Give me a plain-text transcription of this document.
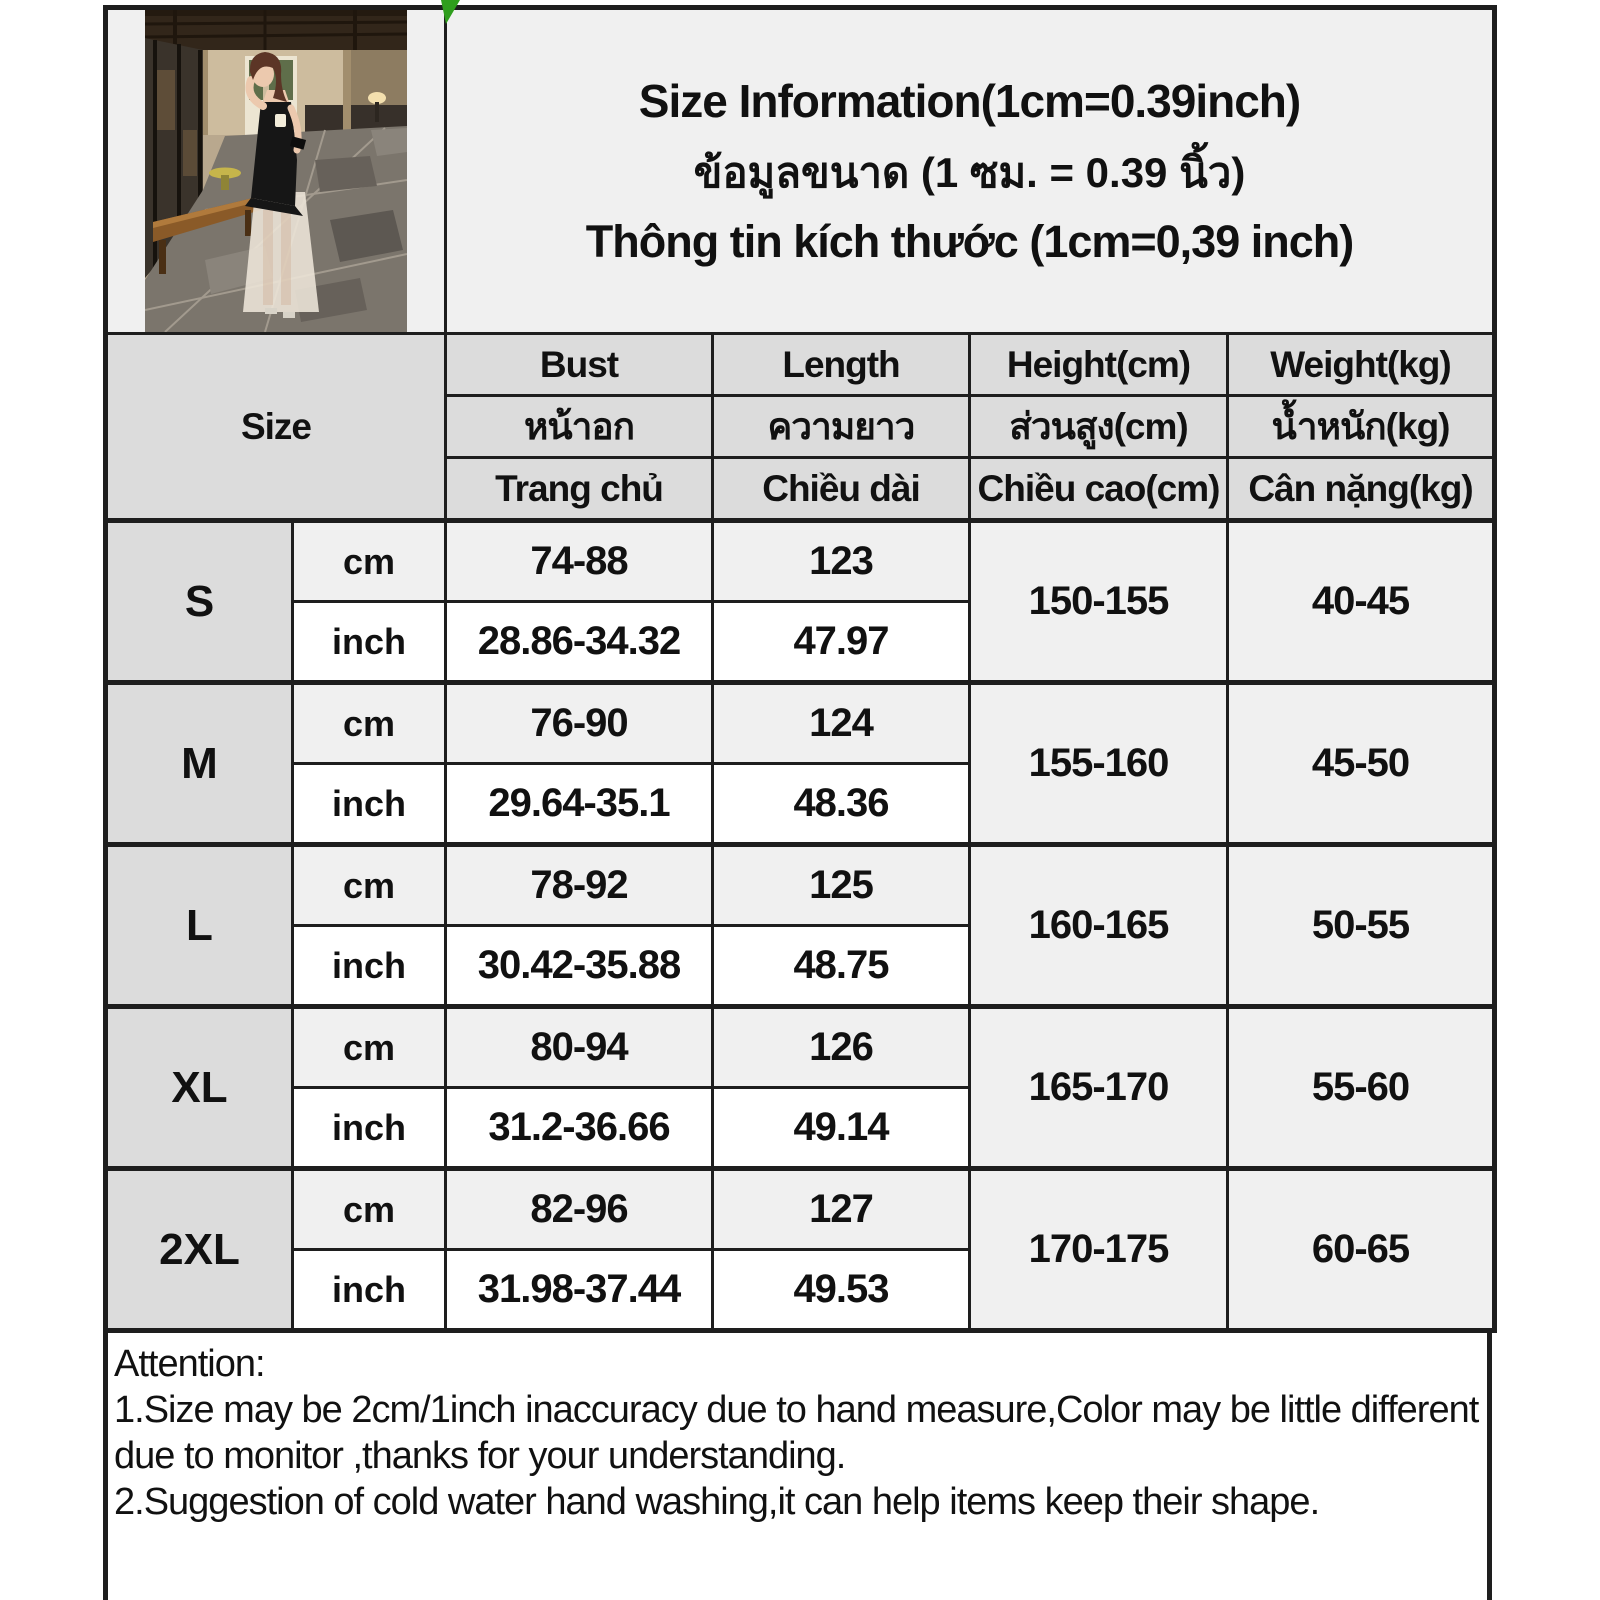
Size Information(1cm=0.39inch)
ข้อมูลขนาด (1 ซม. = 0.39 นิ้ว)
Thông tin kích thước (1cm=0,39 inch)			

Size		Bust	Length	Height(cm)	Weight(kg)
		หน้าอก	ความยาว	ส่วนสูง(cm)	น้ำหนัก(kg)
		Trang chủ	Chiều dài	Chiều cao(cm)	Cân nặng(kg)
S	cm	74-88	123	150-155	40-45
	inch	28.86-34.32	47.97		
M	cm	76-90	124	155-160	45-50
	inch	29.64-35.1	48.36		
L	cm	78-92	125	160-165	50-55
	inch	30.42-35.88	48.75		
XL	cm	80-94	126	165-170	55-60
	inch	31.2-36.66	49.14		
2XL	cm	82-96	127	170-175	60-65
	inch	31.98-37.44	49.53		
Attention:
1.Size may be 2cm/1inch inaccuracy due to hand measure,Color may be little different
due to monitor ,thanks for your understanding.
2.Suggestion of cold water hand washing,it can help items keep their shape.
